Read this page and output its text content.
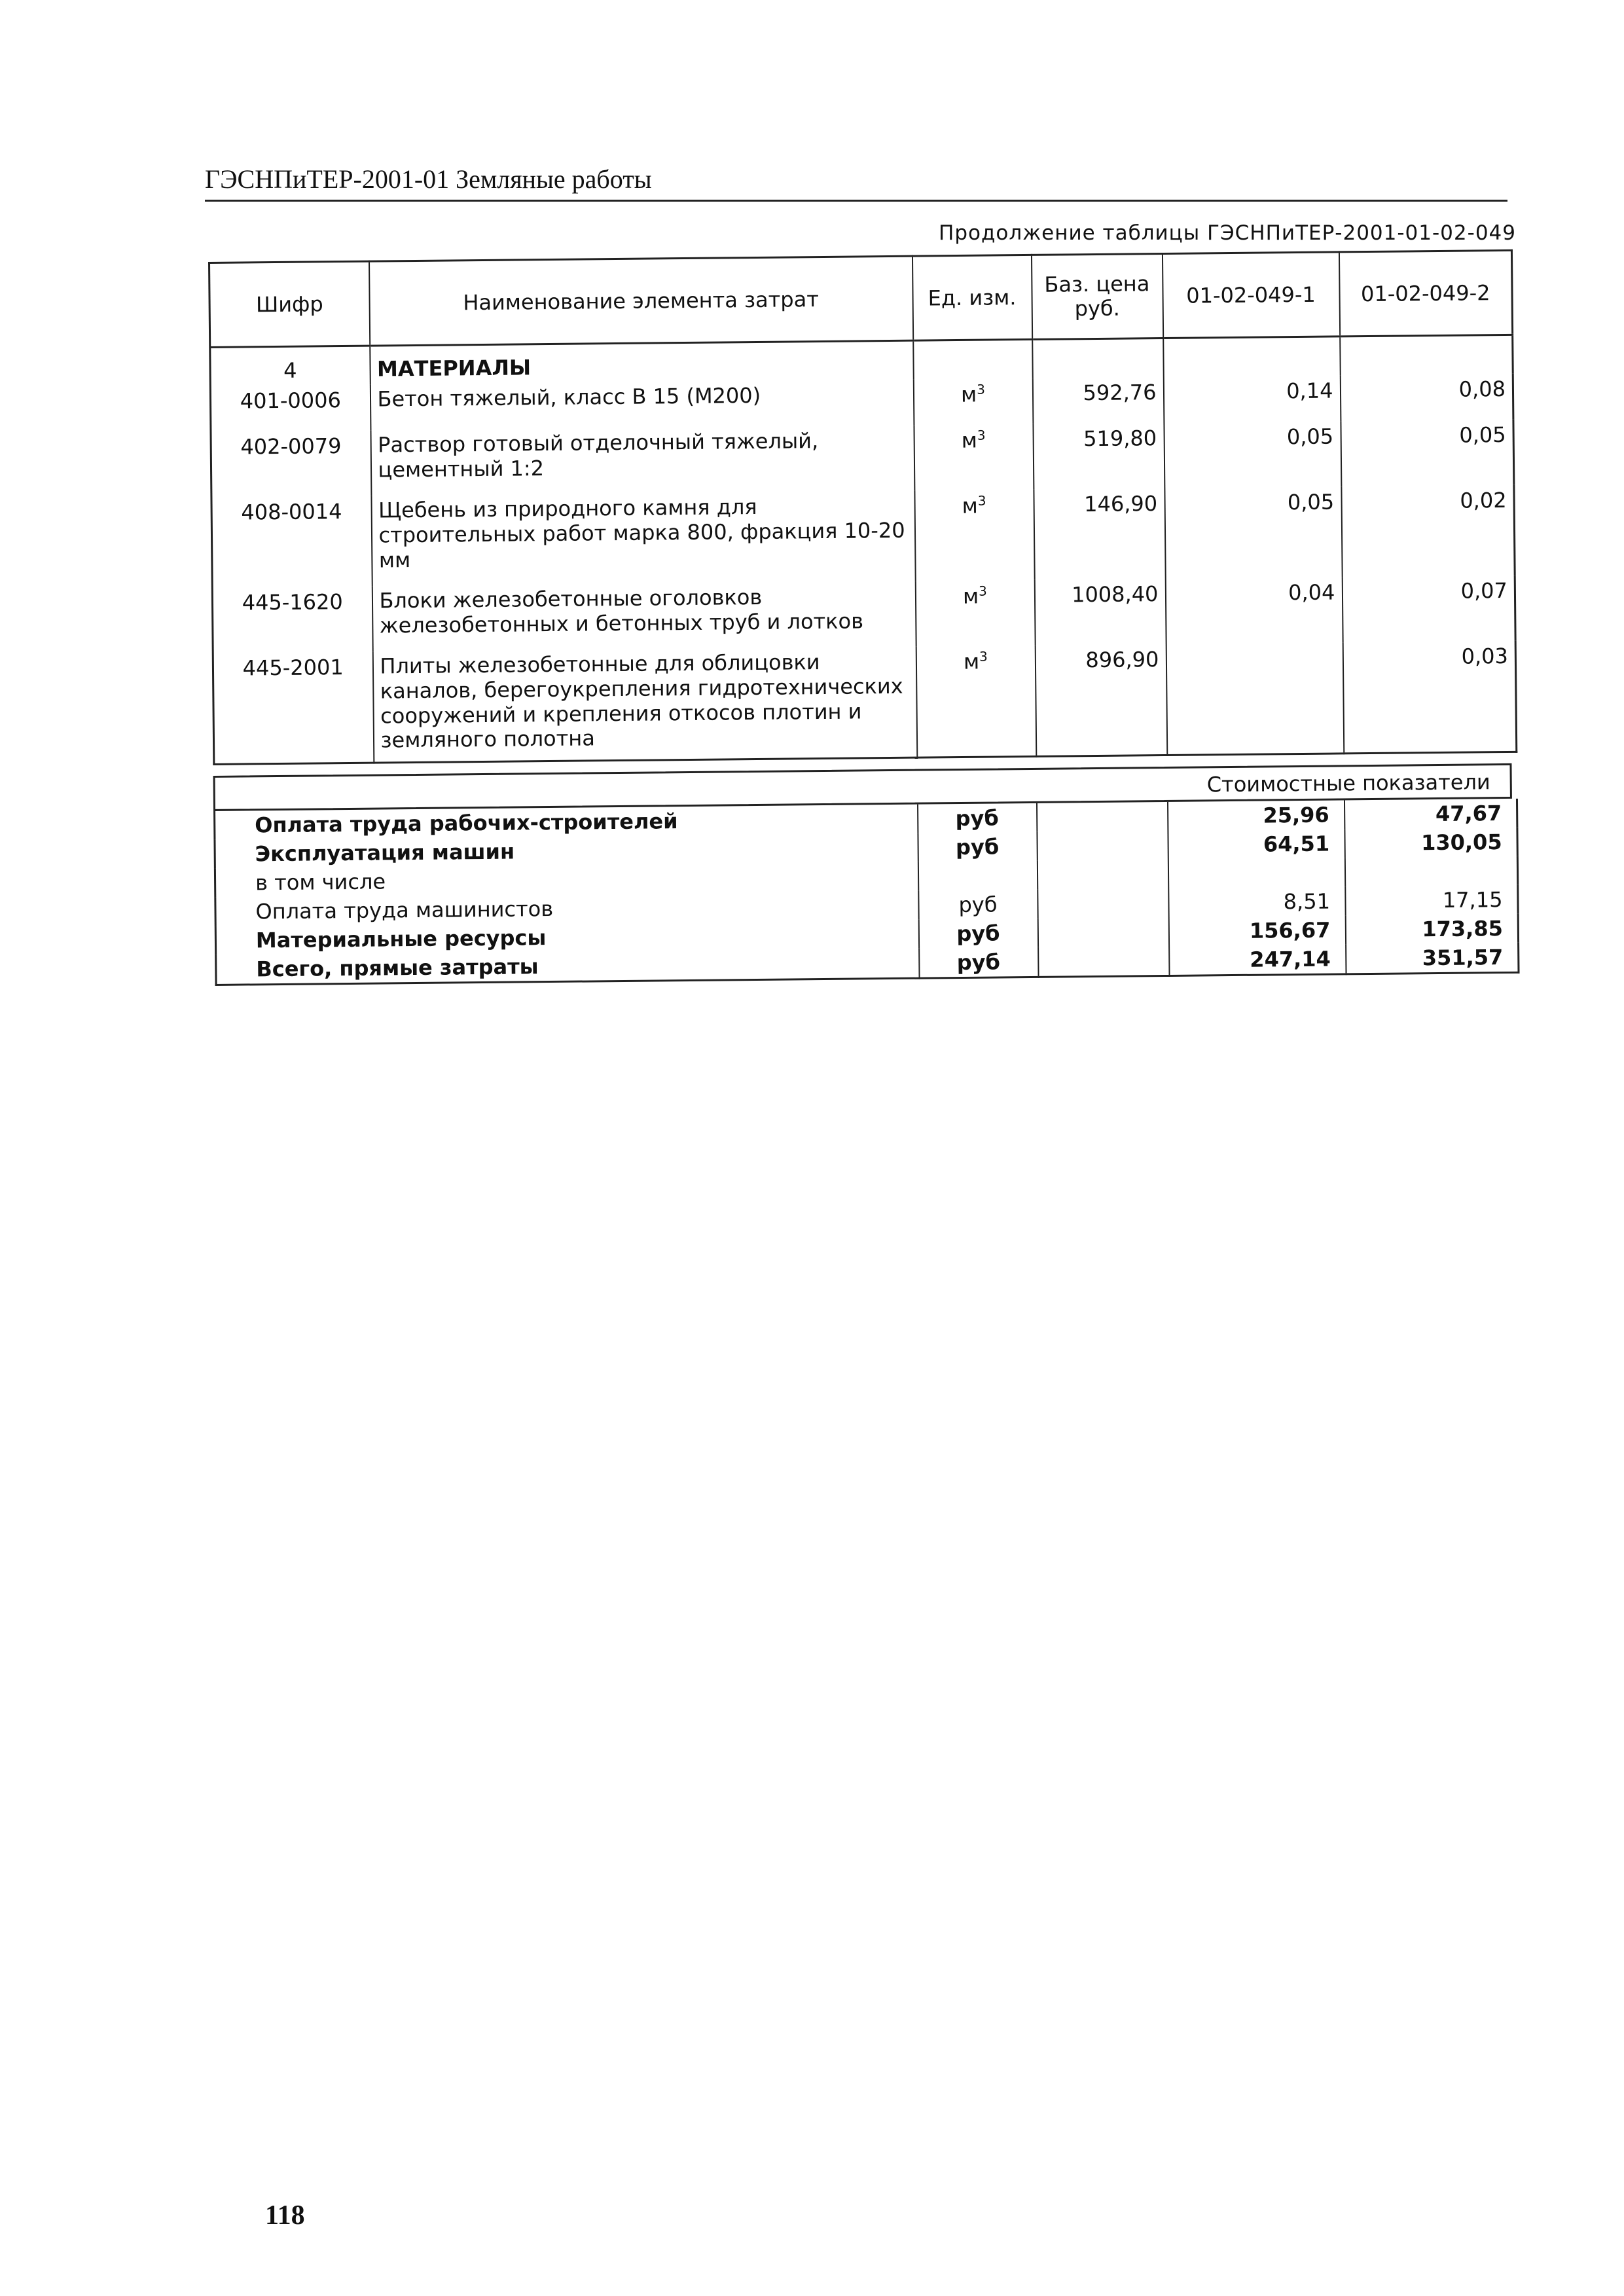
ГЭСНПиТЕР-2001-01 Земляные работы
Продолжение таблицы ГЭСНПиТЕР-2001-01-02-049
Шифр	Наименование элемента затрат	Ед. изм.	Баз. цена руб.	01-02-049-1	01-02-049-2
4	МАТЕРИАЛЫ				
401-0006	Бетон тяжелый, класс В 15 (М200)	$м^3$	592,76	0,14	0,08
402-0079	Раствор готовый отделочный тяжелый, цементный 1:2	$м^3$	519,80	0,05	0,05
408-0014	Щебень из природного камня для строительных работ марка 800, фракция 10-20 мм	$м^3$	146,90	0,05	0,02
445-1620	Блоки железобетонные оголовков железобетонных и бетонных труб и лотков	$м^3$	1008,40	0,04	0,07
445-2001	Плиты железобетонные для облицовки каналов, берегоукрепления гидротехнических сооружений и крепления откосов плотин и земляного полотна	$м^3$	896,90		0,03
Стоимостные показатели
Оплата труда рабочих-строителей	руб		25,96	47,67
Эксплуатация машин	руб		64,51	130,05
в том числе				
Оплата труда машинистов	руб		8,51	17,15
Материальные ресурсы	руб		156,67	173,85
Всего, прямые затраты	руб		247,14	351,57
118
